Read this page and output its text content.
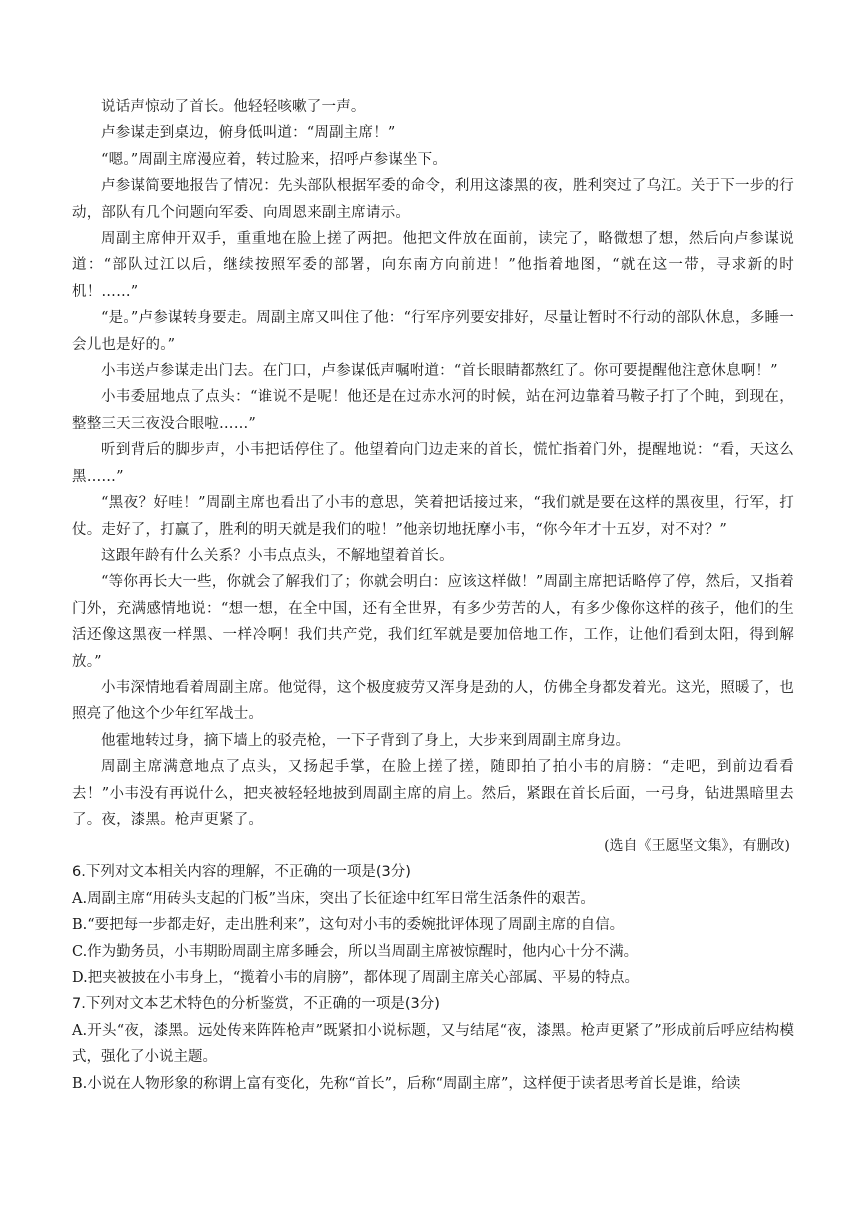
说话声惊动了首长。他轻轻咳嗽了一声。

卢参谋走到桌边，俯身低叫道：“周副主席！”

“嗯。”周副主席漫应着，转过脸来，招呼卢参谋坐下。

卢参谋简要地报告了情况：先头部队根据军委的命令，利用这漆黑的夜，胜利突过了乌江。关于下一步的行动，部队有几个问题向军委、向周恩来副主席请示。

周副主席伸开双手，重重地在脸上搓了两把。他把文件放在面前，读完了，略微想了想，然后向卢参谋说道：“部队过江以后，继续按照军委的部署，向东南方向前进！”他指着地图，“就在这一带，寻求新的时机！……”

“是。”卢参谋转身要走。周副主席又叫住了他：“行军序列要安排好，尽量让暂时不行动的部队休息，多睡一会儿也是好的。”

小韦送卢参谋走出门去。在门口，卢参谋低声嘱咐道：“首长眼睛都熬红了。你可要提醒他注意休息啊！”

小韦委屈地点了点头：“谁说不是呢！他还是在过赤水河的时候，站在河边靠着马鞍子打了个盹，到现在，整整三天三夜没合眼啦……”

听到背后的脚步声，小韦把话停住了。他望着向门边走来的首长，慌忙指着门外，提醒地说：“看，天这么黑……”

“黑夜？好哇！”周副主席也看出了小韦的意思，笑着把话接过来，“我们就是要在这样的黑夜里，行军，打仗。走好了，打赢了，胜利的明天就是我们的啦！”他亲切地抚摩小韦，“你今年才十五岁，对不对？”

这跟年龄有什么关系？小韦点点头，不解地望着首长。

“等你再长大一些，你就会了解我们了；你就会明白：应该这样做！”周副主席把话略停了停，然后，又指着门外，充满感情地说：“想一想，在全中国，还有全世界，有多少劳苦的人，有多少像你这样的孩子，他们的生活还像这黑夜一样黑、一样冷啊！我们共产党，我们红军就是要加倍地工作，工作，让他们看到太阳，得到解放。”

小韦深情地看着周副主席。他觉得，这个极度疲劳又浑身是劲的人，仿佛全身都发着光。这光，照暖了，也照亮了他这个少年红军战士。

他霍地转过身，摘下墙上的驳壳枪，一下子背到了身上，大步来到周副主席身边。

周副主席满意地点了点头，又扬起手掌，在脸上搓了搓，随即拍了拍小韦的肩膀：“走吧，到前边看看去！”小韦没有再说什么，把夹被轻轻地披到周副主席的肩上。然后，紧跟在首长后面，一弓身，钻进黑暗里去了。夜，漆黑。枪声更紧了。

(选自《王愿坚文集》，有删改)

6.下列对文本相关内容的理解，不正确的一项是(3分)

A.周副主席“用砖头支起的门板”当床，突出了长征途中红军日常生活条件的艰苦。

B.“要把每一步都走好，走出胜利来”，这句对小韦的委婉批评体现了周副主席的自信。

C.作为勤务员，小韦期盼周副主席多睡会，所以当周副主席被惊醒时，他内心十分不满。

D.把夹被披在小韦身上，“揽着小韦的肩膀”，都体现了周副主席关心部属、平易的特点。

7.下列对文本艺术特色的分析鉴赏，不正确的一项是(3分)

A.开头“夜，漆黑。远处传来阵阵枪声”既紧扣小说标题，又与结尾“夜，漆黑。枪声更紧了”形成前后呼应结构模式，强化了小说主题。

B.小说在人物形象的称谓上富有变化，先称“首长”，后称“周副主席”，这样便于读者思考首长是谁，给读
